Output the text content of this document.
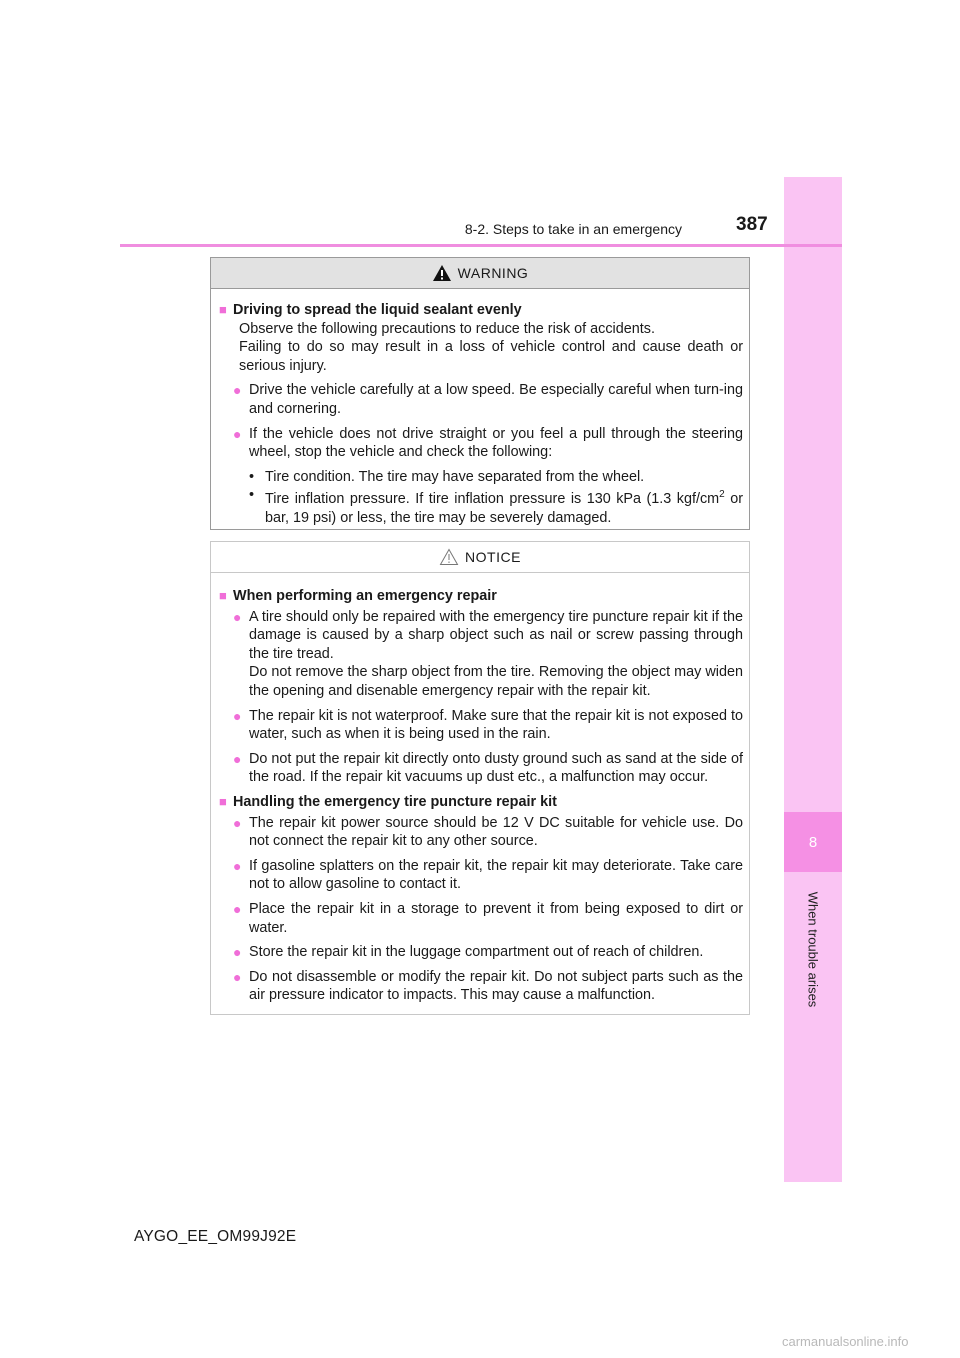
8
When trouble arises
8-2. Steps to take in an emergency	387
WARNING
■ Driving to spread the liquid sealant evenly
Observe the following precautions to reduce the risk of accidents.
Failing to do so may result in a loss of vehicle control and cause death or serious injury.
● Drive the vehicle carefully at a low speed. Be especially careful when turn-ing and cornering.
● If the vehicle does not drive straight or you feel a pull through the steering wheel, stop the vehicle and check the following:
• Tire condition. The tire may have separated from the wheel.
• Tire inflation pressure. If tire inflation pressure is 130 kPa (1.3 kgf/$cm^2$ or bar, 19 psi) or less, the tire may be severely damaged.
NOTICE
■ When performing an emergency repair
● A tire should only be repaired with the emergency tire puncture repair kit if the damage is caused by a sharp object such as nail or screw passing through the tire tread.
Do not remove the sharp object from the tire. Removing the object may widen the opening and disenable emergency repair with the repair kit.
● The repair kit is not waterproof. Make sure that the repair kit is not exposed to water, such as when it is being used in the rain.
● Do not put the repair kit directly onto dusty ground such as sand at the side of the road. If the repair kit vacuums up dust etc., a malfunction may occur.
■ Handling the emergency tire puncture repair kit
● The repair kit power source should be 12 V DC suitable for vehicle use. Do not connect the repair kit to any other source.
● If gasoline splatters on the repair kit, the repair kit may deteriorate. Take care not to allow gasoline to contact it.
● Place the repair kit in a storage to prevent it from being exposed to dirt or water.
● Store the repair kit in the luggage compartment out of reach of children.
● Do not disassemble or modify the repair kit. Do not subject parts such as the air pressure indicator to impacts. This may cause a malfunction.
AYGO_EE_OM99J92E
carmanualsonline.info
